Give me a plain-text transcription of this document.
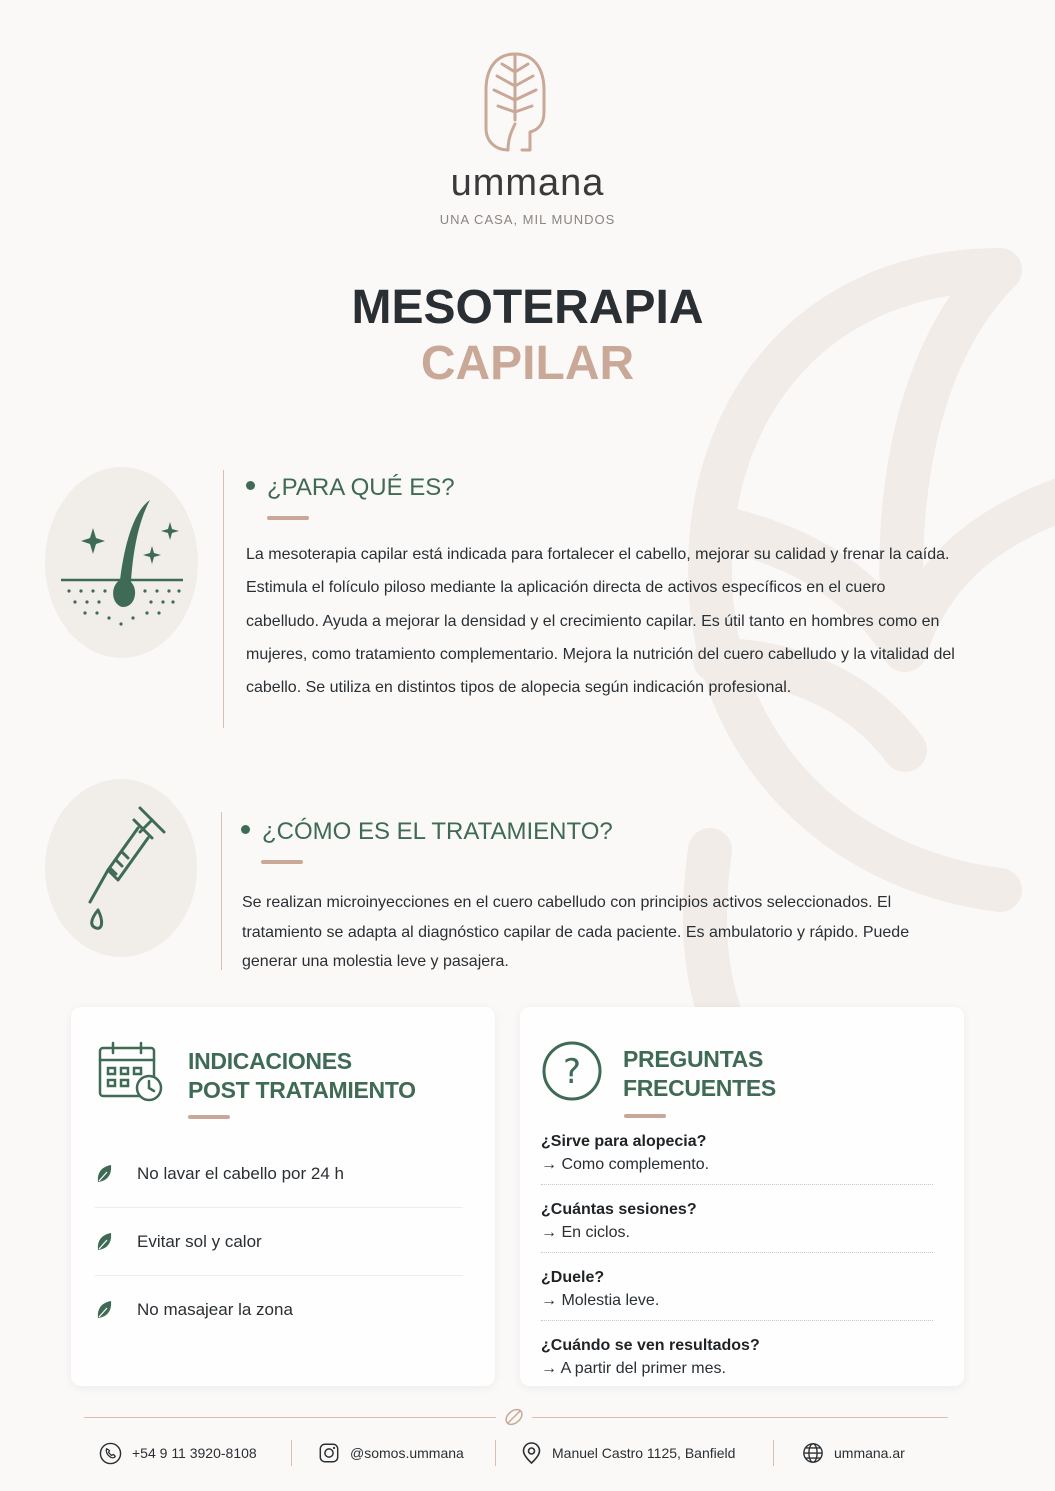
ummana
UNA CASA, MIL MUNDOS
MESOTERAPIA
CAPILAR
¿PARA QUÉ ES?
La mesoterapia capilar está indicada para fortalecer el cabello, mejorar su calidad y frenar la caída. Estimula el folículo piloso mediante la aplicación directa de activos específicos en el cuero cabelludo. Ayuda a mejorar la densidad y el crecimiento capilar. Es útil tanto en hombres como en mujeres, como tratamiento complementario. Mejora la nutrición del cuero cabelludo y la vitalidad del cabello. Se utiliza en distintos tipos de alopecia según indicación profesional.
¿CÓMO ES EL TRATAMIENTO?
Se realizan microinyecciones en el cuero cabelludo con principios activos seleccionados. El tratamiento se adapta al diagnóstico capilar de cada paciente. Es ambulatorio y rápido. Puede generar una molestia leve y pasajera.
INDICACIONES
POST TRATAMIENTO
No lavar el cabello por 24 h
Evitar sol y calor
No masajear la zona
? PREGUNTAS
FRECUENTES
¿Sirve para alopecia?
→ Como complemento.
¿Cuántas sesiones?
→ En ciclos.
¿Duele?
→ Molestia leve.
¿Cuándo se ven resultados?
→ A partir del primer mes.
+54 9 11 3920-8108	@somos.ummana	Manuel Castro 1125, Banfield	ummana.ar
